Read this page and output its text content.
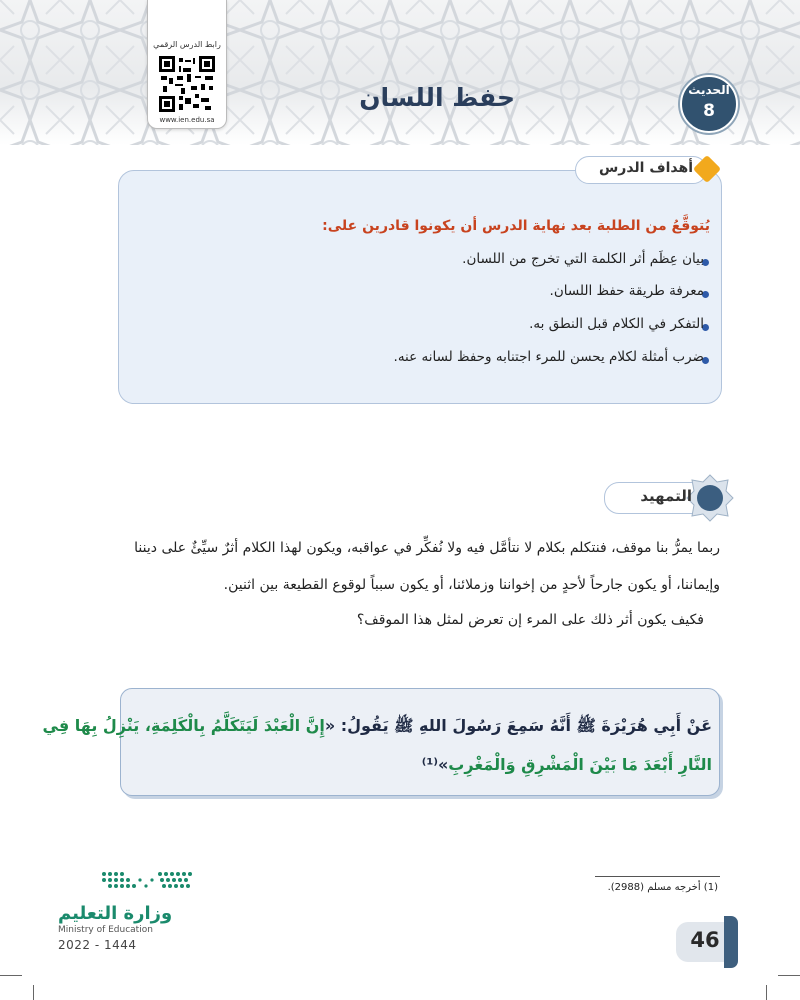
رابط الدرس الرقمي
www.ien.edu.sa
حفظ اللسان	الحديث
8
أهداف الدرس
يُتوقَّعُ من الطلبة بعد نهاية الدرس أن يكونوا قادرين على:
بيان عِظَم أثر الكلمة التي تخرج من اللسان.
معرفة طريقة حفظ اللسان.
التفكر في الكلام قبل النطق به.
ضرب أمثلة لكلام يحسن للمرء اجتنابه وحفظ لسانه عنه.
التمهيد
ربما يمرُّ بنا موقف، فنتكلم بكلام لا نتأمَّل فيه ولا نُفكِّر في عواقبه، ويكون لهذا الكلام أثرٌ سيِّئٌ على ديننا
وإيماننا، أو يكون جارحاً لأحدٍ من إخواننا وزملائنا، أو يكون سبباً لوقوع القطيعة بين اثنين.
فكيف يكون أثر ذلك على المرء إن تعرض لمثل هذا الموقف؟
عَنْ أَبِي هُرَيْرَةَ ﷺ أَنَّهُ سَمِعَ رَسُولَ اللهِ ﷺ يَقُولُ: «إِنَّ الْعَبْدَ لَيَتَكَلَّمُ بِالْكَلِمَةِ، يَنْزِلُ بِهَا فِي
النَّارِ أَبْعَدَ مَا بَيْنَ الْمَشْرِقِ وَالْمَغْرِبِ»⁽¹⁾
(1) أخرجه مسلم (2988).
وزارة التعليم
Ministry of Education
2022 - 1444	46
